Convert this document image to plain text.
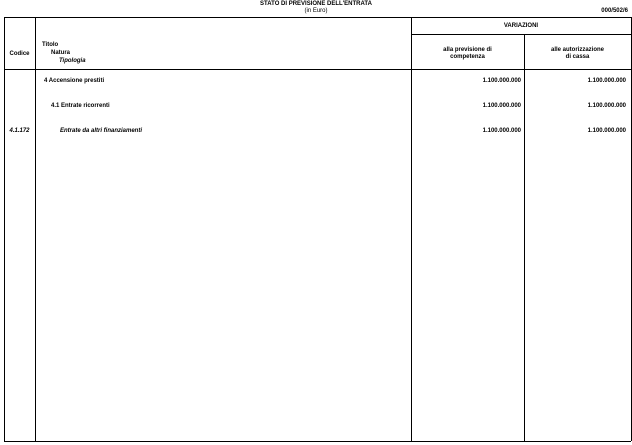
STATO DI PREVISIONE DELL'ENTRATA
(in Euro)	000/502/6
Codice
Titolo
Natura
Tipologia
VARIAZIONI
alla previsione di
competenza
alle autorizzazione
di cassa
4 Accensione prestiti	1.100.000.000	1.100.000.000
4.1 Entrate ricorrenti	1.100.000.000	1.100.000.000
4.1.172	Entrate da altri finanziamenti	1.100.000.000	1.100.000.000
